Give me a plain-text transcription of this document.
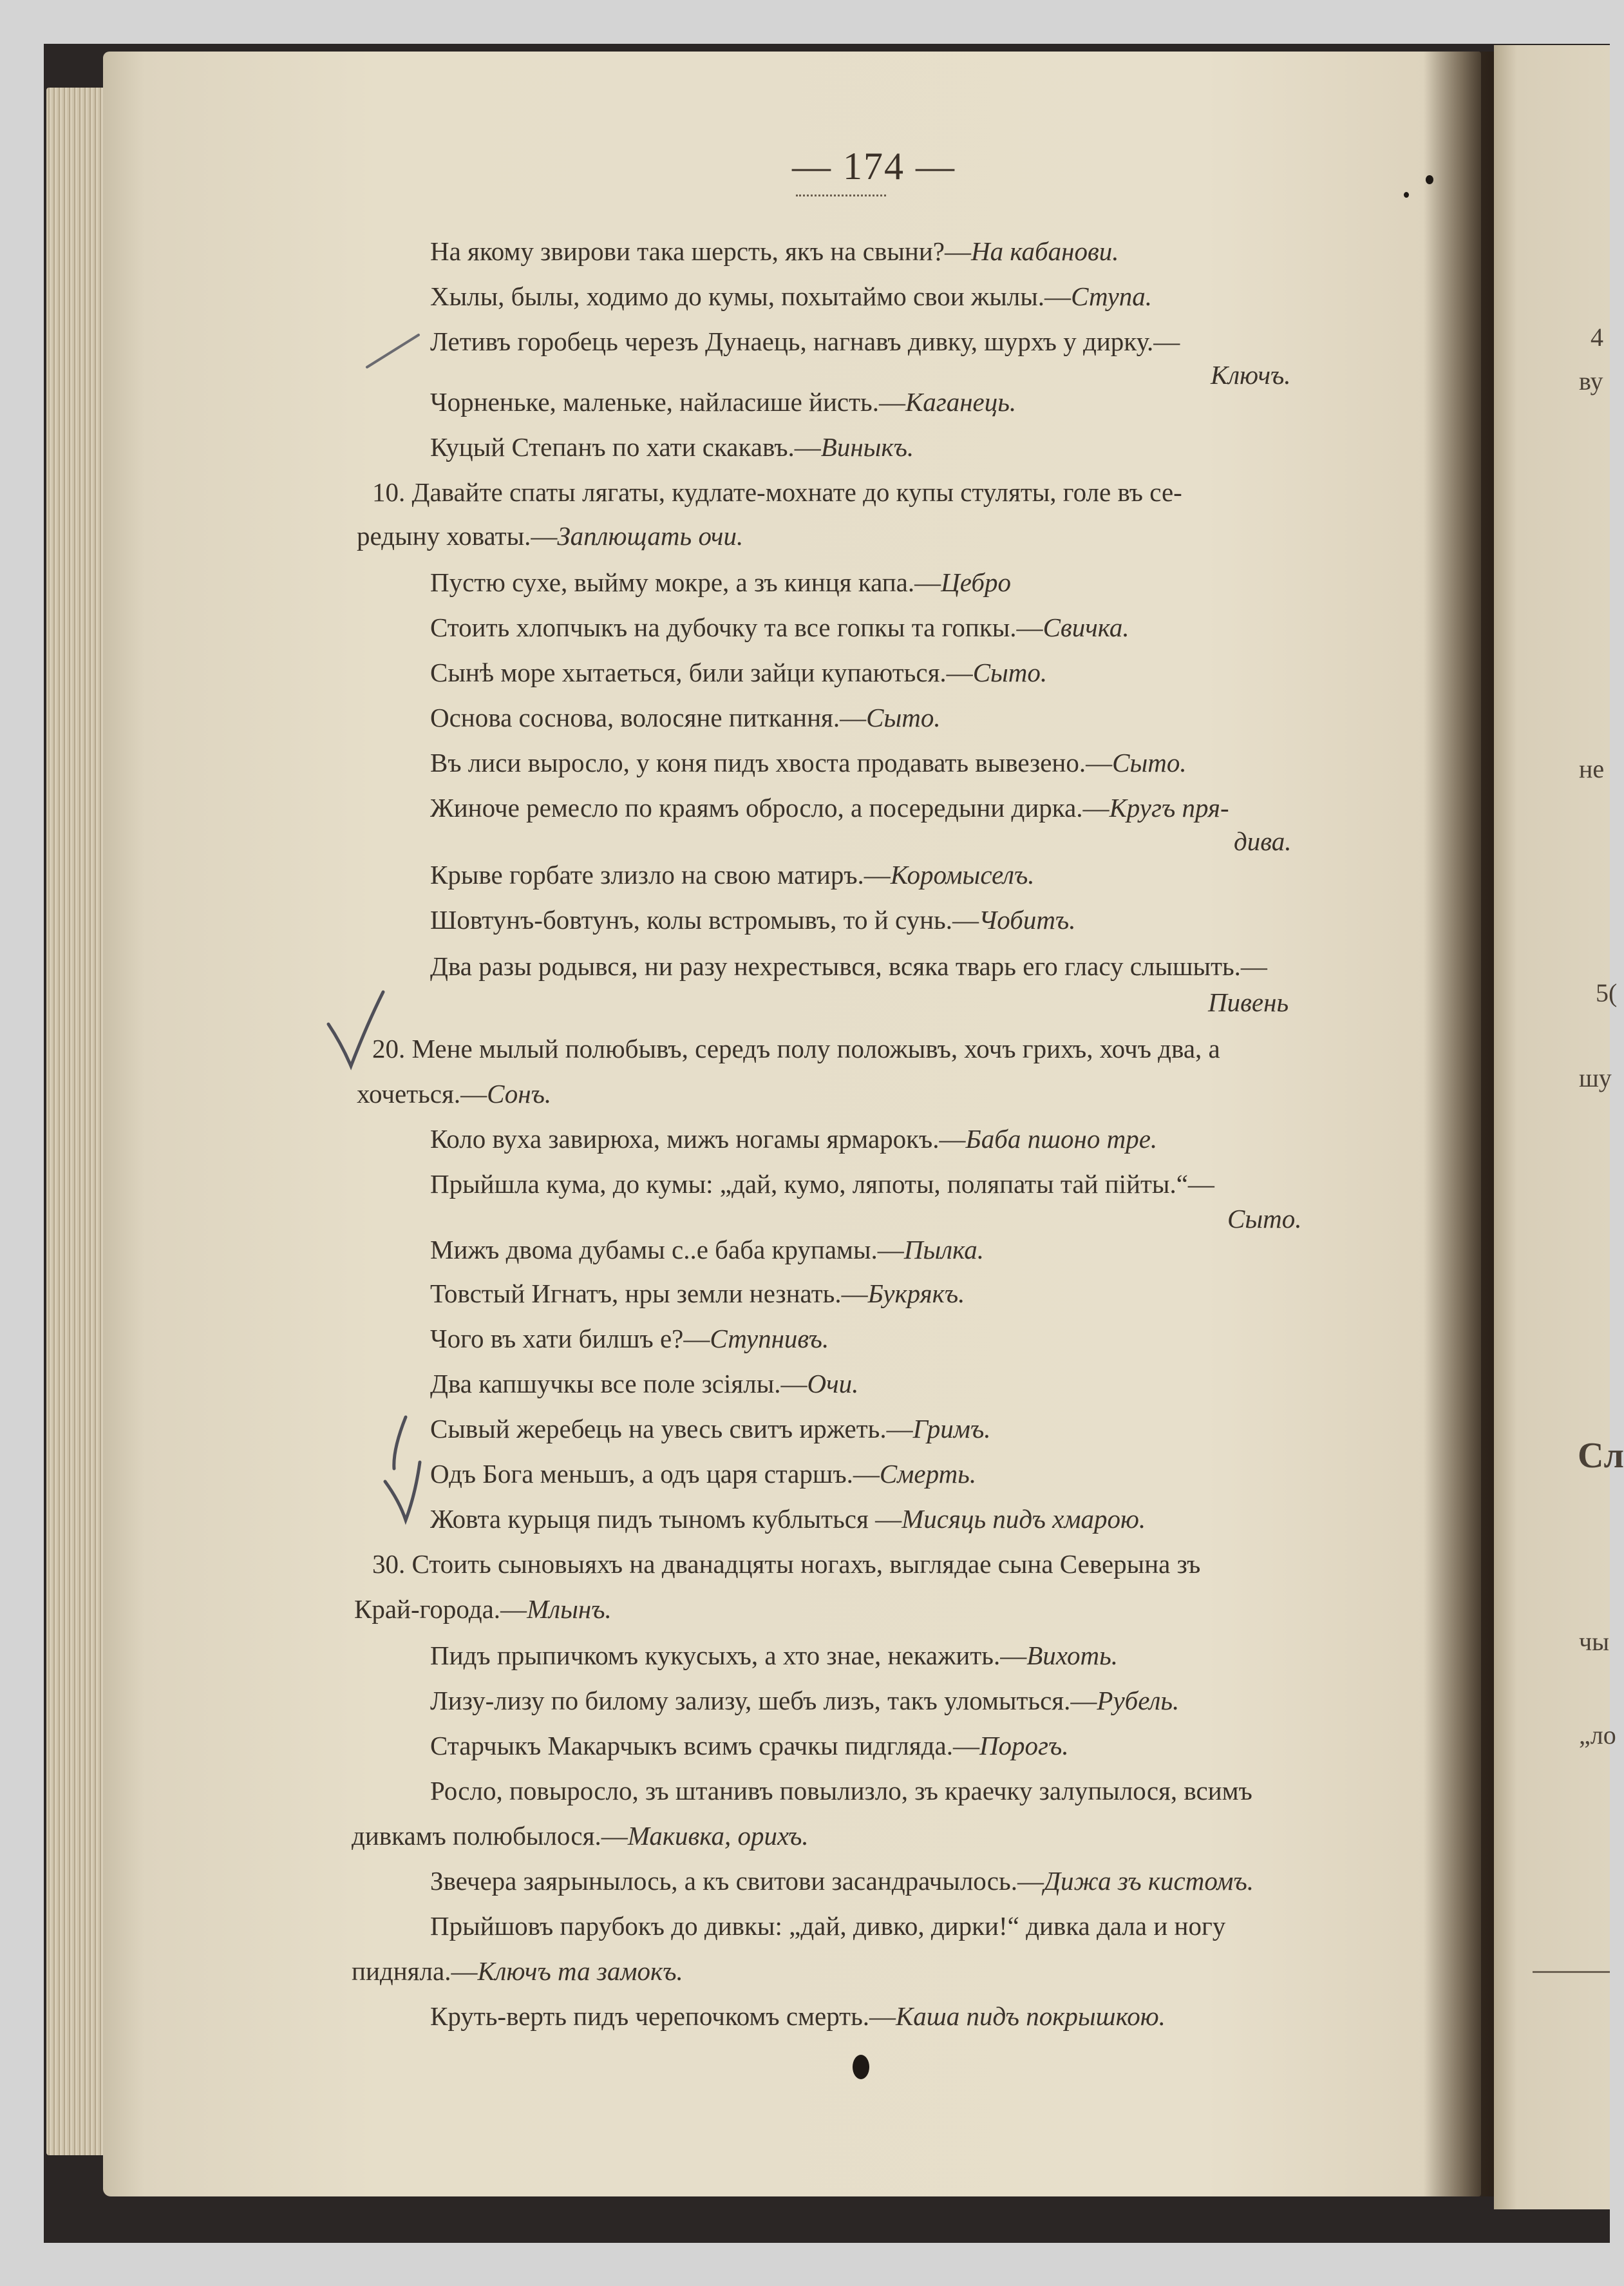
4
ву
не
5(
шу
Сл
чы
„ло
— 174 —
На якому звирови така шерсть, якъ на свыни?—На кабанови.
Хылы, былы, ходимо до кумы, похытаймо свои жылы.—Ступа.
Летивъ горобець черезъ Дунаець, нагнавъ дивку, шурхъ у дирку.—
Ключъ.
Чорненьке, маленьке, найласише йисть.—Каганець.
Куцый Степанъ по хати скакавъ.—Виныкъ.
10. Давайте спаты лягаты, кудлате-мохнате до купы стуляты, голе въ се-
редыну ховаты.—Заплющать очи.
Пустю сухе, выйму мокре, а зъ кинця капа.—Цебро
Стоить хлопчыкъ на дубочку та все гопкы та гопкы.—Свичка.
Сынѣ море хытаеться, били зайци купаються.—Сыто.
Основа соснова, волосяне питкання.—Сыто.
Въ лиси выросло, у коня пидъ хвоста продавать вывезено.—Сыто.
Жиноче ремесло по краямъ обросло, а посередыни дирка.—Кругъ пря-
дива.
Крыве горбате злизло на свою матиръ.—Коромыселъ.
Шовтунъ-бовтунъ, колы встромывъ, то й сунь.—Чобитъ.
Два разы родывся, ни разу нехрестывся, всяка тварь его гласу слышыть.—
Пивень
20. Мене мылый полюбывъ, середъ полу положывъ, хочъ грихъ, хочъ два, а
хочеться.—Сонъ.
Коло вуха завирюха, мижъ ногамы ярмарокъ.—Баба пшоно тре.
Прыйшла кума, до кумы: „дай, кумо, ляпоты, поляпаты тай пійты.“—
Сыто.
Мижъ двома дубамы с..е баба крупамы.—Пылка.
Товстый Игнатъ, нры земли незнать.—Букрякъ.
Чого въ хати билшъ е?—Ступнивъ.
Два капшучкы все поле зсіялы.—Очи.
Сывый жеребець на увесь свитъ иржеть.—Гримъ.
Одъ Бога меньшъ, а одъ царя старшъ.—Смерть.
Жовта курыця пидъ тыномъ кублыться —Мисяць пидъ хмарою.
30. Стоить сыновыяхъ на дванадцяты ногахъ, выглядае сына Северына зъ
Край-города.—Млынъ.
Пидъ прыпичкомъ кукусыхъ, а хто знае, некажить.—Вихоть.
Лизу-лизу по билому зализу, шебъ лизъ, такъ уломыться.—Рубель.
Старчыкъ Макарчыкъ всимъ срачкы пидгляда.—Порогъ.
Росло, повыросло, зъ штанивъ повылизло, зъ краечку залупылося, всимъ
дивкамъ полюбылося.—Макивка, орихъ.
Звечера заярынылось, а къ свитови засандрачылось.—Дижа зъ кистомъ.
Прыйшовъ парубокъ до дивкы: „дай, дивко, дирки!“ дивка дала и ногу
пидняла.—Ключъ та замокъ.
Круть-верть пидъ черепочкомъ смерть.—Каша пидъ покрышкою.
